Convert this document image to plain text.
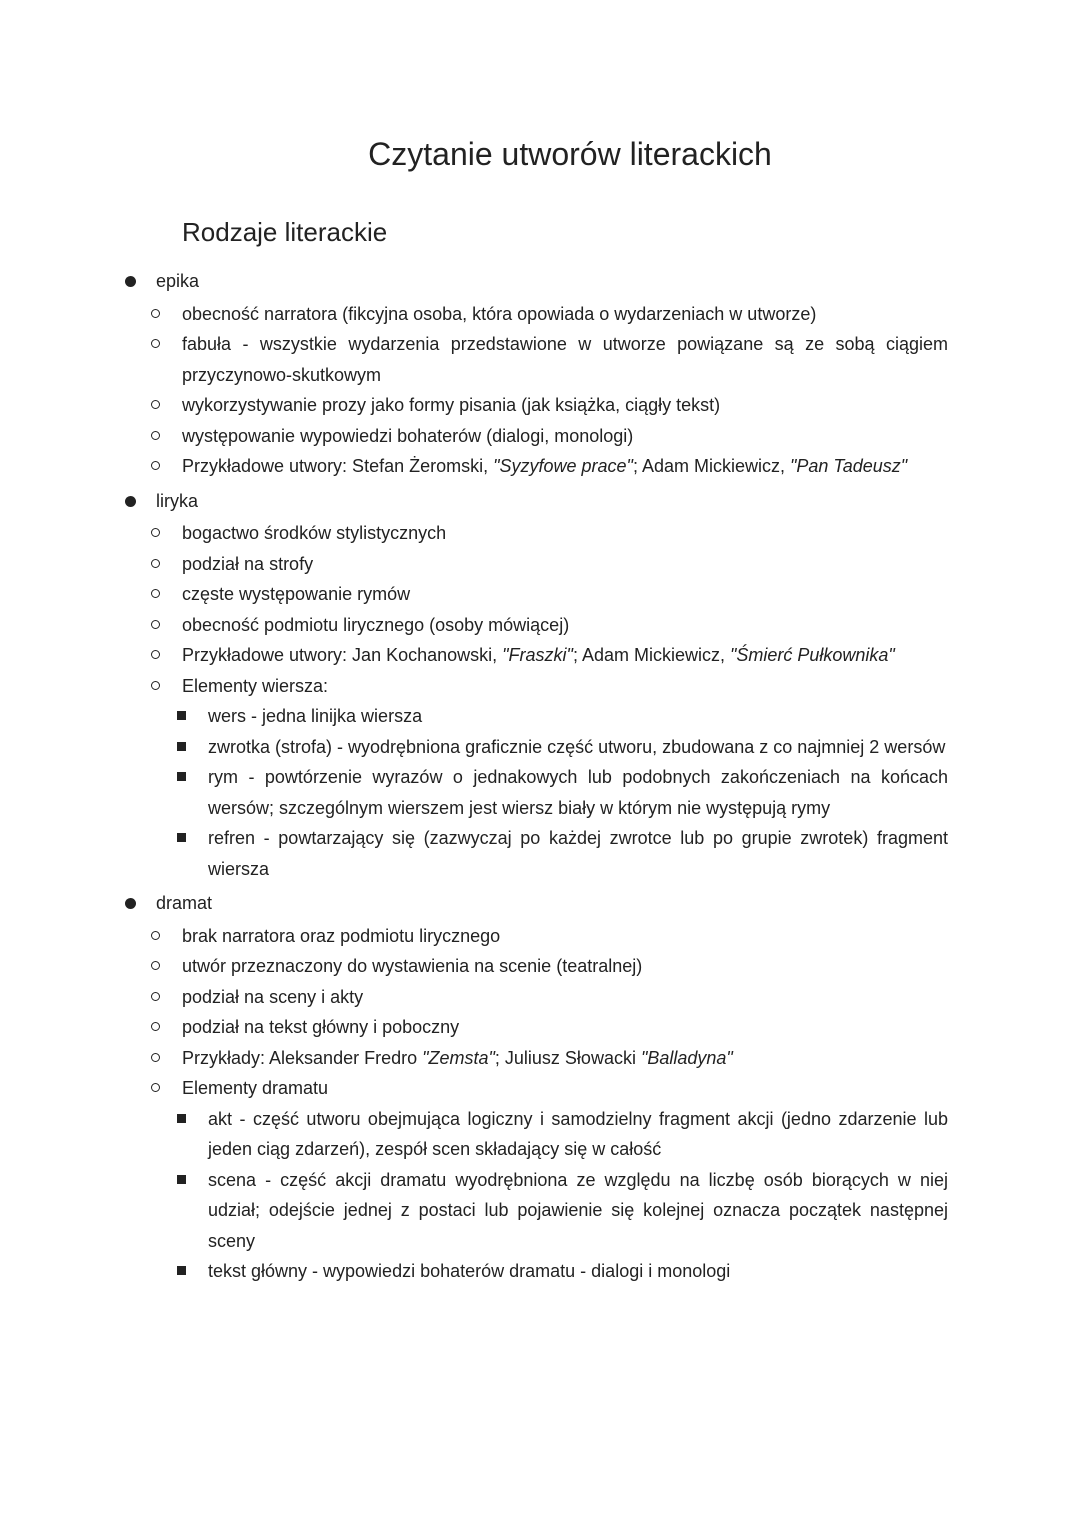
Czytanie utworów literackich
Rodzaje literackie
epika
obecność narratora (fikcyjna osoba, która opowiada o wydarzeniach w utworze)
fabuła - wszystkie wydarzenia przedstawione w utworze powiązane są ze sobą ciągiem przyczynowo-skutkowym
wykorzystywanie prozy jako formy pisania (jak książka, ciągły tekst)
występowanie wypowiedzi bohaterów (dialogi, monologi)
Przykładowe utwory: Stefan Żeromski, "Syzyfowe prace"; Adam Mickiewicz, "Pan Tadeusz"
liryka
bogactwo środków stylistycznych
podział na strofy
częste występowanie rymów
obecność podmiotu lirycznego (osoby mówiącej)
Przykładowe utwory: Jan Kochanowski, "Fraszki"; Adam Mickiewicz, "Śmierć Pułkownika"
Elementy wiersza:
wers - jedna linijka wiersza
zwrotka (strofa) - wyodrębniona graficznie część utworu, zbudowana z co najmniej 2 wersów
rym - powtórzenie wyrazów o jednakowych lub podobnych zakończeniach na końcach wersów; szczególnym wierszem jest wiersz biały w którym nie występują rymy
refren - powtarzający się (zazwyczaj po każdej zwrotce lub po grupie zwrotek) fragment wiersza
dramat
brak narratora oraz podmiotu lirycznego
utwór przeznaczony do wystawienia na scenie (teatralnej)
podział na sceny i akty
podział na tekst główny i poboczny
Przykłady: Aleksander Fredro "Zemsta"; Juliusz Słowacki "Balladyna"
Elementy dramatu
akt - część utworu obejmująca logiczny i samodzielny fragment akcji (jedno zdarzenie lub jeden ciąg zdarzeń), zespół scen składający się w całość
scena - część akcji dramatu wyodrębniona ze względu na liczbę osób biorących w niej udział; odejście jednej z postaci lub pojawienie się kolejnej oznacza początek następnej sceny
tekst główny - wypowiedzi bohaterów dramatu - dialogi i monologi
